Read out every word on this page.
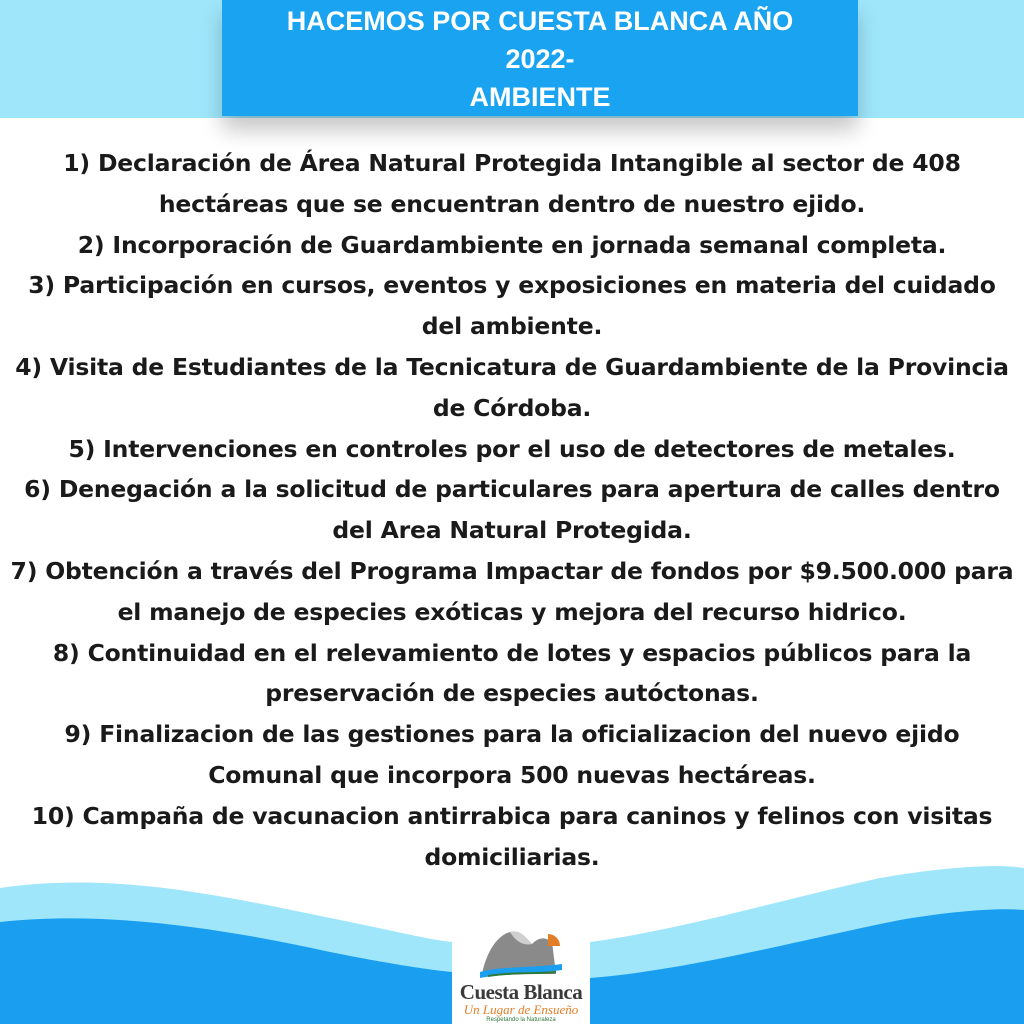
HACEMOS POR CUESTA BLANCA AÑO
2022-
AMBIENTE

1) Declaración de Área Natural Protegida Intangible al sector de 408 hectáreas que se encuentran dentro de nuestro ejido.

2) Incorporación de Guardambiente en jornada semanal completa.

3) Participación en cursos, eventos y exposiciones en materia del cuidado del ambiente.

4) Visita de Estudiantes de la Tecnicatura de Guardambiente de la Provincia de Córdoba.

5) Intervenciones en controles por el uso de detectores de metales.

6) Denegación a la solicitud de particulares para apertura de calles dentro del Area Natural Protegida.

7) Obtención a través del Programa Impactar de fondos por $9.500.000 para el manejo de especies exóticas y mejora del recurso hidrico.

8) Continuidad en el relevamiento de lotes y espacios públicos para la preservación de especies autóctonas.

9) Finalizacion de las gestiones para la oficializacion del nuevo ejido Comunal que incorpora 500 nuevas hectáreas.

10) Campaña de vacunacion antirrabica para caninos y felinos con visitas domiciliarias.

Cuesta Blanca
Un Lugar de Ensueño
Respetando la Naturaleza
